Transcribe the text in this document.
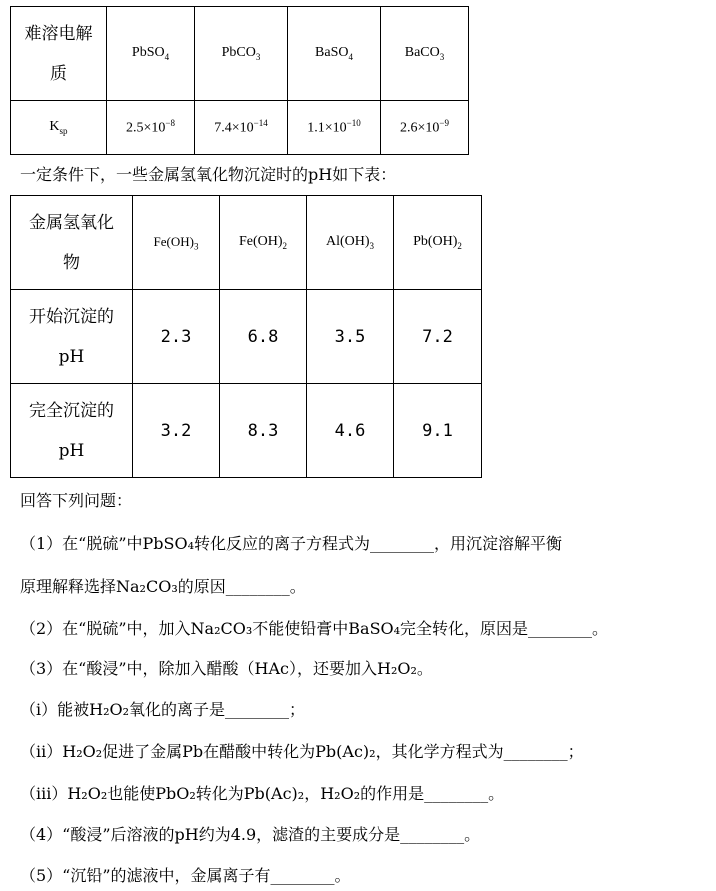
难溶电解质	PbSO$_4$	PbCO$_3$	BaSO$_4$	BaCO$_3$
$K_{sp}$	$2.5\times 10^{-8}$	$7.4\times 10^{-14}$	$1.1\times 10^{-10}$	$2.6\times 10^{-9}$
一定条件下，一些金属氢氧化物沉淀时的pH如下表：
金属氢氧化物	$Fe(OH)_3$	$Fe(OH)_2$	$Al(OH)_3$	$Pb(OH)_2$

开始沉淀的pH	2.3	6.8	3.5	7.2

完全沉淀的pH	3.2	8.3	4.6	9.1
回答下列问题：
（1）在“脱硫”中PbSO₄转化反应的离子方程式为________，用沉淀溶解平衡
原理解释选择Na₂CO₃的原因________。
（2）在“脱硫”中，加入Na₂CO₃不能使铅膏中BaSO₄完全转化，原因是________。
（3）在“酸浸”中，除加入醋酸（HAc），还要加入H₂O₂。
（i）能被H₂O₂氧化的离子是________；
（ii）H₂O₂促进了金属Pb在醋酸中转化为Pb(Ac)₂，其化学方程式为________；
（iii）H₂O₂也能使PbO₂转化为Pb(Ac)₂，H₂O₂的作用是________。
（4）“酸浸”后溶液的pH约为4.9，滤渣的主要成分是________。
（5）“沉铅”的滤液中，金属离子有________。
